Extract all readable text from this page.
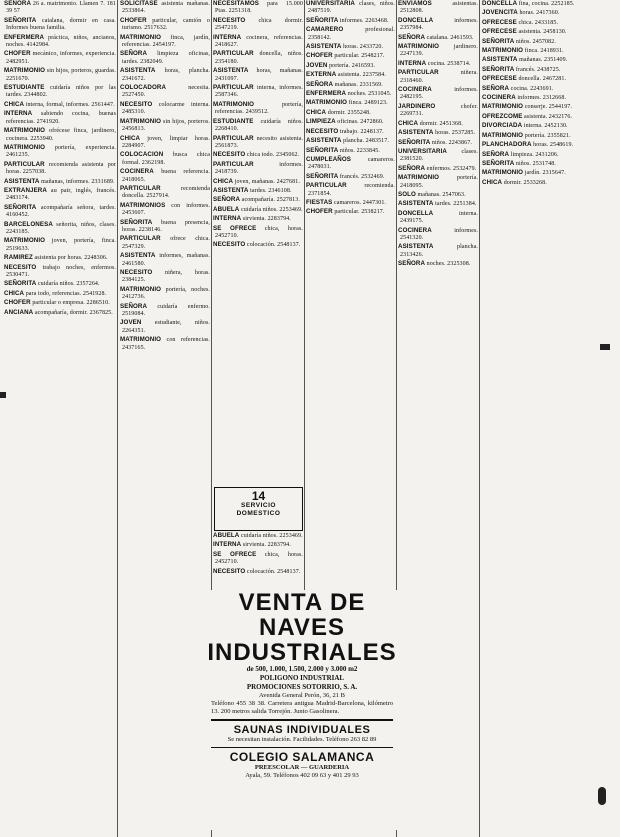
SEÑORA 26 a. matrimonio. Llamen 7. 181 39 57

SEÑORITA catalana, dormir en casa. Informes buena familia.

ENFERMERA práctica, niños, ancianos, noches. 4142984.

CHOFER mecánico, informes, experiencia. 2482951.

MATRIMONIO sin hijos, porteros, guardas. 2251670.

ESTUDIANTE cuidaría niños por las tardes. 2344802.

CHICA interna, formal, informes. 2561447.

INTERNA sabiendo cocina, buenas referencias. 2741920.

MATRIMONIO ofrécese finca, jardinero, cocinera. 2253940.

MATRIMONIO portería, experiencia. 2461235.

PARTICULAR recomienda asistenta por horas. 2257038.

ASISTENTA mañanas, informes. 2331689.

EXTRANJERA au pair, inglés, francés. 2483174.

SEÑORITA acompañaría señora, tardes. 4160452.

BARCELONESA señorita, niños, clases. 2243185.

MATRIMONIO joven, portería, finca. 2519633.

RAMIREZ asistenta por horas. 2248306.

NECESITO trabajo noches, enfermos. 2530471.

SEÑORITA cuidaría niños. 2357264.

CHICA para todo, referencias. 2541928.

CHOFER particular o empresa. 2286510.

ANCIANA acompañaría, dormir. 2367825.

SOLICITASE asistenta mañanas. 2533864.

CHOFER particular, camión o turismo. 2517632.

MATRIMONIO finca, jardín, referencias. 2454197.

SEÑORA limpieza oficinas, tardes. 2382049.

ASISTENTA horas, plancha. 2341672.

COLOCADORA necesita. 2527450.

NECESITO colocarme interna. 2485310.

MATRIMONIO sin hijos, porteros. 2456813.

CHICA joven, limpiar horas. 2284907.

COLOCACION busca chica formal. 2362198.

COCINERA buena referencia. 2418065.

PARTICULAR recomienda doncella. 2527914.

MATRIMONIOS con informes. 2453607.

SEÑORITA buena presencia, horas. 2238146.

PARTICULAR ofrece chica. 2547329.

ASISTENTA informes, mañanas. 2461580.

NECESITO niñera, horas. 2384125.

MATRIMONIO portería, noches. 2412736.

SEÑORA cuidaría enfermo. 2519084.

JOVEN estudiante, niños. 2264351.

MATRIMONIO con referencias. 2437165.

NECESITAMOS para 15.000 Ptas. 2251318.

NECESITO chica dormir. 2547219.

INTERNA cocinera, referencias. 2418627.

PARTICULAR doncella, niños. 2354180.

ASISTENTA horas, mañanas. 2431097.

PARTICULAR interna, informes. 2587346.

MATRIMONIO portería, referencias. 2439512.

ESTUDIANTE cuidaría niños. 2268410.

PARTICULAR necesito asistenta. 2561873.

NECESITO chica todo. 2345062.

PARTICULAR informes. 2418739.

CHICA joven, mañanas. 2427681.

ASISTENTA tardes. 2346108.

SEÑORA acompañaría. 2527813.

ABUELA cuidaría niños. 2253469.

INTERNA sirvienta. 2283794.

SE OFRECE chica, horas. 2452710.

NECESITO colocación. 2548137.

UNIVERSITARIA clases, niños. 2487519.

SEÑORITA informes. 2263468.

CAMARERO profesional. 2358142.

ASISTENTA horas. 2433720.

CHOFER particular. 2548217.

JOVEN portería. 2416593.

EXTERNA asistenta. 2237584.

SEÑORA mañanas. 2331569.

ENFERMERA noches. 2531045.

MATRIMONIO finca. 2489123.

CHICA dormir. 2355248.

LIMPIEZA oficinas. 2472860.

NECESITO trabajo. 2248137.

ASISTENTA plancha. 2483517.

SEÑORITA niños. 2233845.

CUMPLEAÑOS camareros. 2478031.

SEÑORITA francés. 2532469.

PARTICULAR recomienda. 2371854.

FIESTAS camareros. 2447301.

CHOFER particular. 2538217.

ENVIAMOS asistentas. 2512808.

DONCELLA informes. 2357984.

SEÑORA catalana. 2461593.

MATRIMONIO jardinero. 2247139.

INTERNA cocina. 2538714.

PARTICULAR niñera. 2318460.

COCINERA informes. 2482195.

JARDINERO chofer. 2269731.

CHICA dormir. 2451368.

ASISTENTA horas. 2537285.

SEÑORITA niños. 2243867.

UNIVERSITARIA clases. 2381520.

SEÑORA enfermos. 2532479.

MATRIMONIO portería. 2418095.

SOLO mañanas. 2547063.

ASISTENTA tardes. 2251384.

DONCELLA interna. 2439175.

COCINERA informes. 2541320.

ASISTENTA plancha. 2313426.

SEÑORA noches. 2325308.

DONCELLA fina, cocina. 2252185.

JOVENCITA horas. 2417360.

OFRECESE chica. 2433185.

OFRECESE asistenta. 2458130.

SEÑORITA niños. 2457082.

MATRIMONIO finca. 2418931.

ASISTENTA mañanas. 2351409.

SEÑORITA francés. 2438725.

OFRECESE doncella. 2467281.

SEÑORA cocina. 2243691.

COCINERA informes. 2312668.

MATRIMONIO conserje. 2544197.

OFREZCOME asistenta. 2432176.

DIVORCIADA interna. 2452130.

MATRIMONIO portería. 2355821.

PLANCHADORA horas. 2548619.

SEÑORA limpieza. 2431206.

SEÑORITA niños. 2531748.

MATRIMONIO jardín. 2315647.

CHICA dormir. 2533268.

ABUELA cuidaría niños. 2253469.

INTERNA sirvienta. 2283794.

SE OFRECE chica, horas. 2452710.

NECESITO colocación. 2548137.

14
SERVICIO
DOMESTICO

VENTA DE NAVES

INDUSTRIALES

de 500, 1.000, 1.500, 2.000 y 3.000 m2

POLIGONO INDUSTRIAL

PROMOCIONES SOTORRIO, S. A.

Avenida General Perón, 36, 21 B

Teléfono 455 38 38. Carretera antigua Madrid-Barcelona, kilómetro 13. 200 metros salida Torrejón. Junto Gasolinera.

SAUNAS INDIVIDUALES

Se necesitan instalación. Facilidades. Teléfono 263 82 89

COLEGIO SALAMANCA

PREESCOLAR — GUARDERIA

Ayala, 59. Teléfonos 402 09 63 y 401 29 93
